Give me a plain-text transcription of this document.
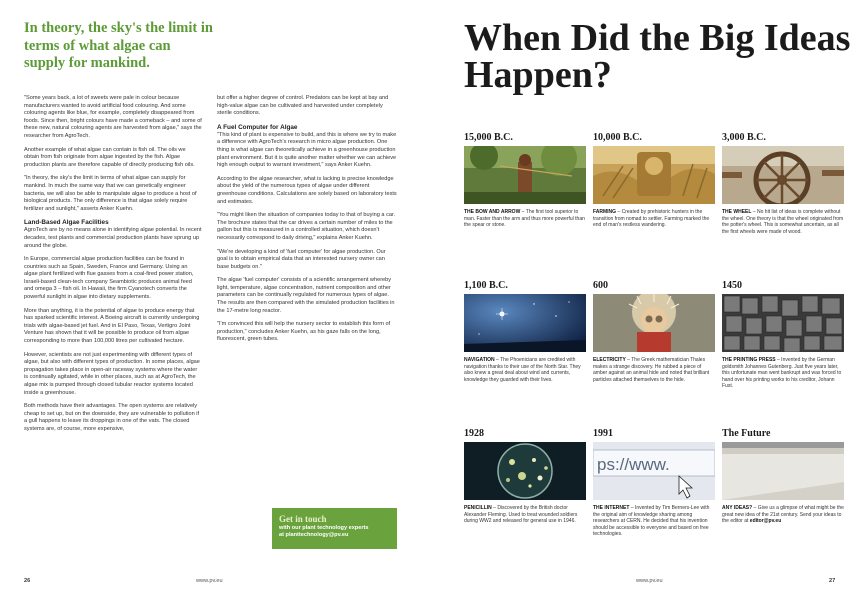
In theory, the sky's the limit in terms of what algae can supply for mankind.

"Some years back, a lot of sweets were pale in colour because manufacturers wanted to avoid artificial food colouring. And some colouring agents like blue, for example, completely disappeared from foods. Since then, bright colours have made a comeback – and some of these new, natural colouring agents are harvested from algae," says the researcher from AgroTech.

Another example of what algae can contain is fish oil. The oils we obtain from fish originate from algae ingested by the fish. Algae production plants are therefore capable of directly producing fish oils.

"In theory, the sky's the limit in terms of what algae can supply for mankind. In much the same way that we can genetically engineer bacteria, we will also be able to manipulate algae to produce a host of biological products. The only difference is that algae solely require fertilizer and sunlight," asserts Anker Kuehn.

Land-Based Algae Facilities

AgroTech are by no means alone in identifying algae potential. In recent decades, test plants and commercial production plants have sprung up around the globe.

In Europe, commercial algae production facilities can be found in countries such as Spain, Sweden, France and Germany. Using an algae plant fertilized with flue gasses from a coal-fired power station, Israeli-based clean-tech company Seambiotic produces animal feed and omega 3 – fish oil. In Hawaii, the firm Cyanotech converts the powerful sunlight in algae into dietary supplements.

More than anything, it is the potential of algae to produce energy that has sparked scientific interest. A Boeing aircraft is currently undergoing trials with algae-based jet fuel. And in El Paso, Texas, Vertigro Joint Venture has shown that it will be possible to produce oil from algae corresponding to more than 100,000 litres per cultivated hectare.

However, scientists are not just experimenting with different types of algae, but also with different types of production. In some places, algae propagation takes place in open-air raceway systems where the water is continually agitated, while in other places, such as at AgroTech, the algae mix is pumped through closed tubular reactor systems located inside a greenhouse.

Both methods have their advantages. The open systems are relatively cheap to set up, but on the downside, they are vulnerable to pollution if a gull happens to leave its droppings in one of the vats. The closed systems are, of course, more expensive,

but offer a higher degree of control. Predators can be kept at bay and high-value algae can be cultivated and harvested under completely sterile conditions.

A Fuel Computer for Algae

"This kind of plant is expensive to build, and this is where we try to make a difference with AgroTech's research in micro algae production. One thing is what algae can theoretically achieve in a greenhouse production plant environment. But it is quite another matter whether we can achieve high enough output to warrant investment," says Anker Kuehn.

According to the algae researcher, what is lacking is precise knowledge about the yield of the numerous types of algae under different greenhouse conditions. Calculations are solely based on laboratory tests and estimates.

"You might liken the situation of companies today to that of buying a car. The brochure states that the car drives a certain number of miles to the gallon but this is measured in a controlled situation, which doesn't necessarily correspond to daily driving," explains Anker Kuehn.

"We're developing a kind of 'fuel computer' for algae production. Our goal is to obtain empirical data that an interested nursery owner can base budgets on."

The algae 'fuel computer' consists of a scientific arrangement whereby light, temperature, algae concentration, nutrient composition and other parameters can be continually regulated for numerous types of algae. The results are then compared with the simulated production facilities in the 17-metre long reactor.

"I'm convinced this will help the nursery sector to establish this form of production," concludes Anker Kuehn, as his gaze falls on the long, fluorescent, green tubes.

Get in touch
with our plant technology experts
at planttechnology@pv.eu
26	www.pv.eu
When Did the Big Ideas Happen?
15,000 B.C.
THE BOW AND ARROW – The first tool superior to man. Faster than the arm and thus more powerful than the spear or stone.
10,000 B.C.
FARMING – Created by prehistoric hunters in the transition from nomad to settler. Farming marked the end of man's restless wandering.
3,000 B.C.
THE WHEEL – No hit list of ideas is complete without the wheel. One theory is that the wheel originated from the potter's wheel. This is somewhat uncertain, as all the first wheels were made of wood.
1,100 B.C.
NAVIGATION – The Phoenicians are credited with navigation thanks to their use of the North Star. They also knew a great deal about wind and currents, knowledge they guarded with their lives.
600
ELECTRICITY – The Greek mathematician Thales makes a strange discovery. He rubbed a piece of amber against an animal hide and noted that brilliant particles attached themselves to the hide.
1450
THE PRINTING PRESS – Invented by the German goldsmith Johannes Gutenberg. Just five years later, this unfortunate man went bankrupt and was forced to hand over his printing works to his creditor, Johann Fust.
1928
PENICILLIN – Discovered by the British doctor Alexander Fleming. Used to treat wounded soldiers during WW2 and released for general use in 1946.
1991
ps://www.
THE INTERNET – Invented by Tim Berners-Lee with the original aim of knowledge sharing among researchers at CERN. He decided that his invention should be accessible to everyone and based on free technologies.
The Future
ANY IDEAS? – Give us a glimpse of what might be the great new idea of the 21st century. Send your ideas to the editor at editor@pv.eu
www.pv.eu	27
